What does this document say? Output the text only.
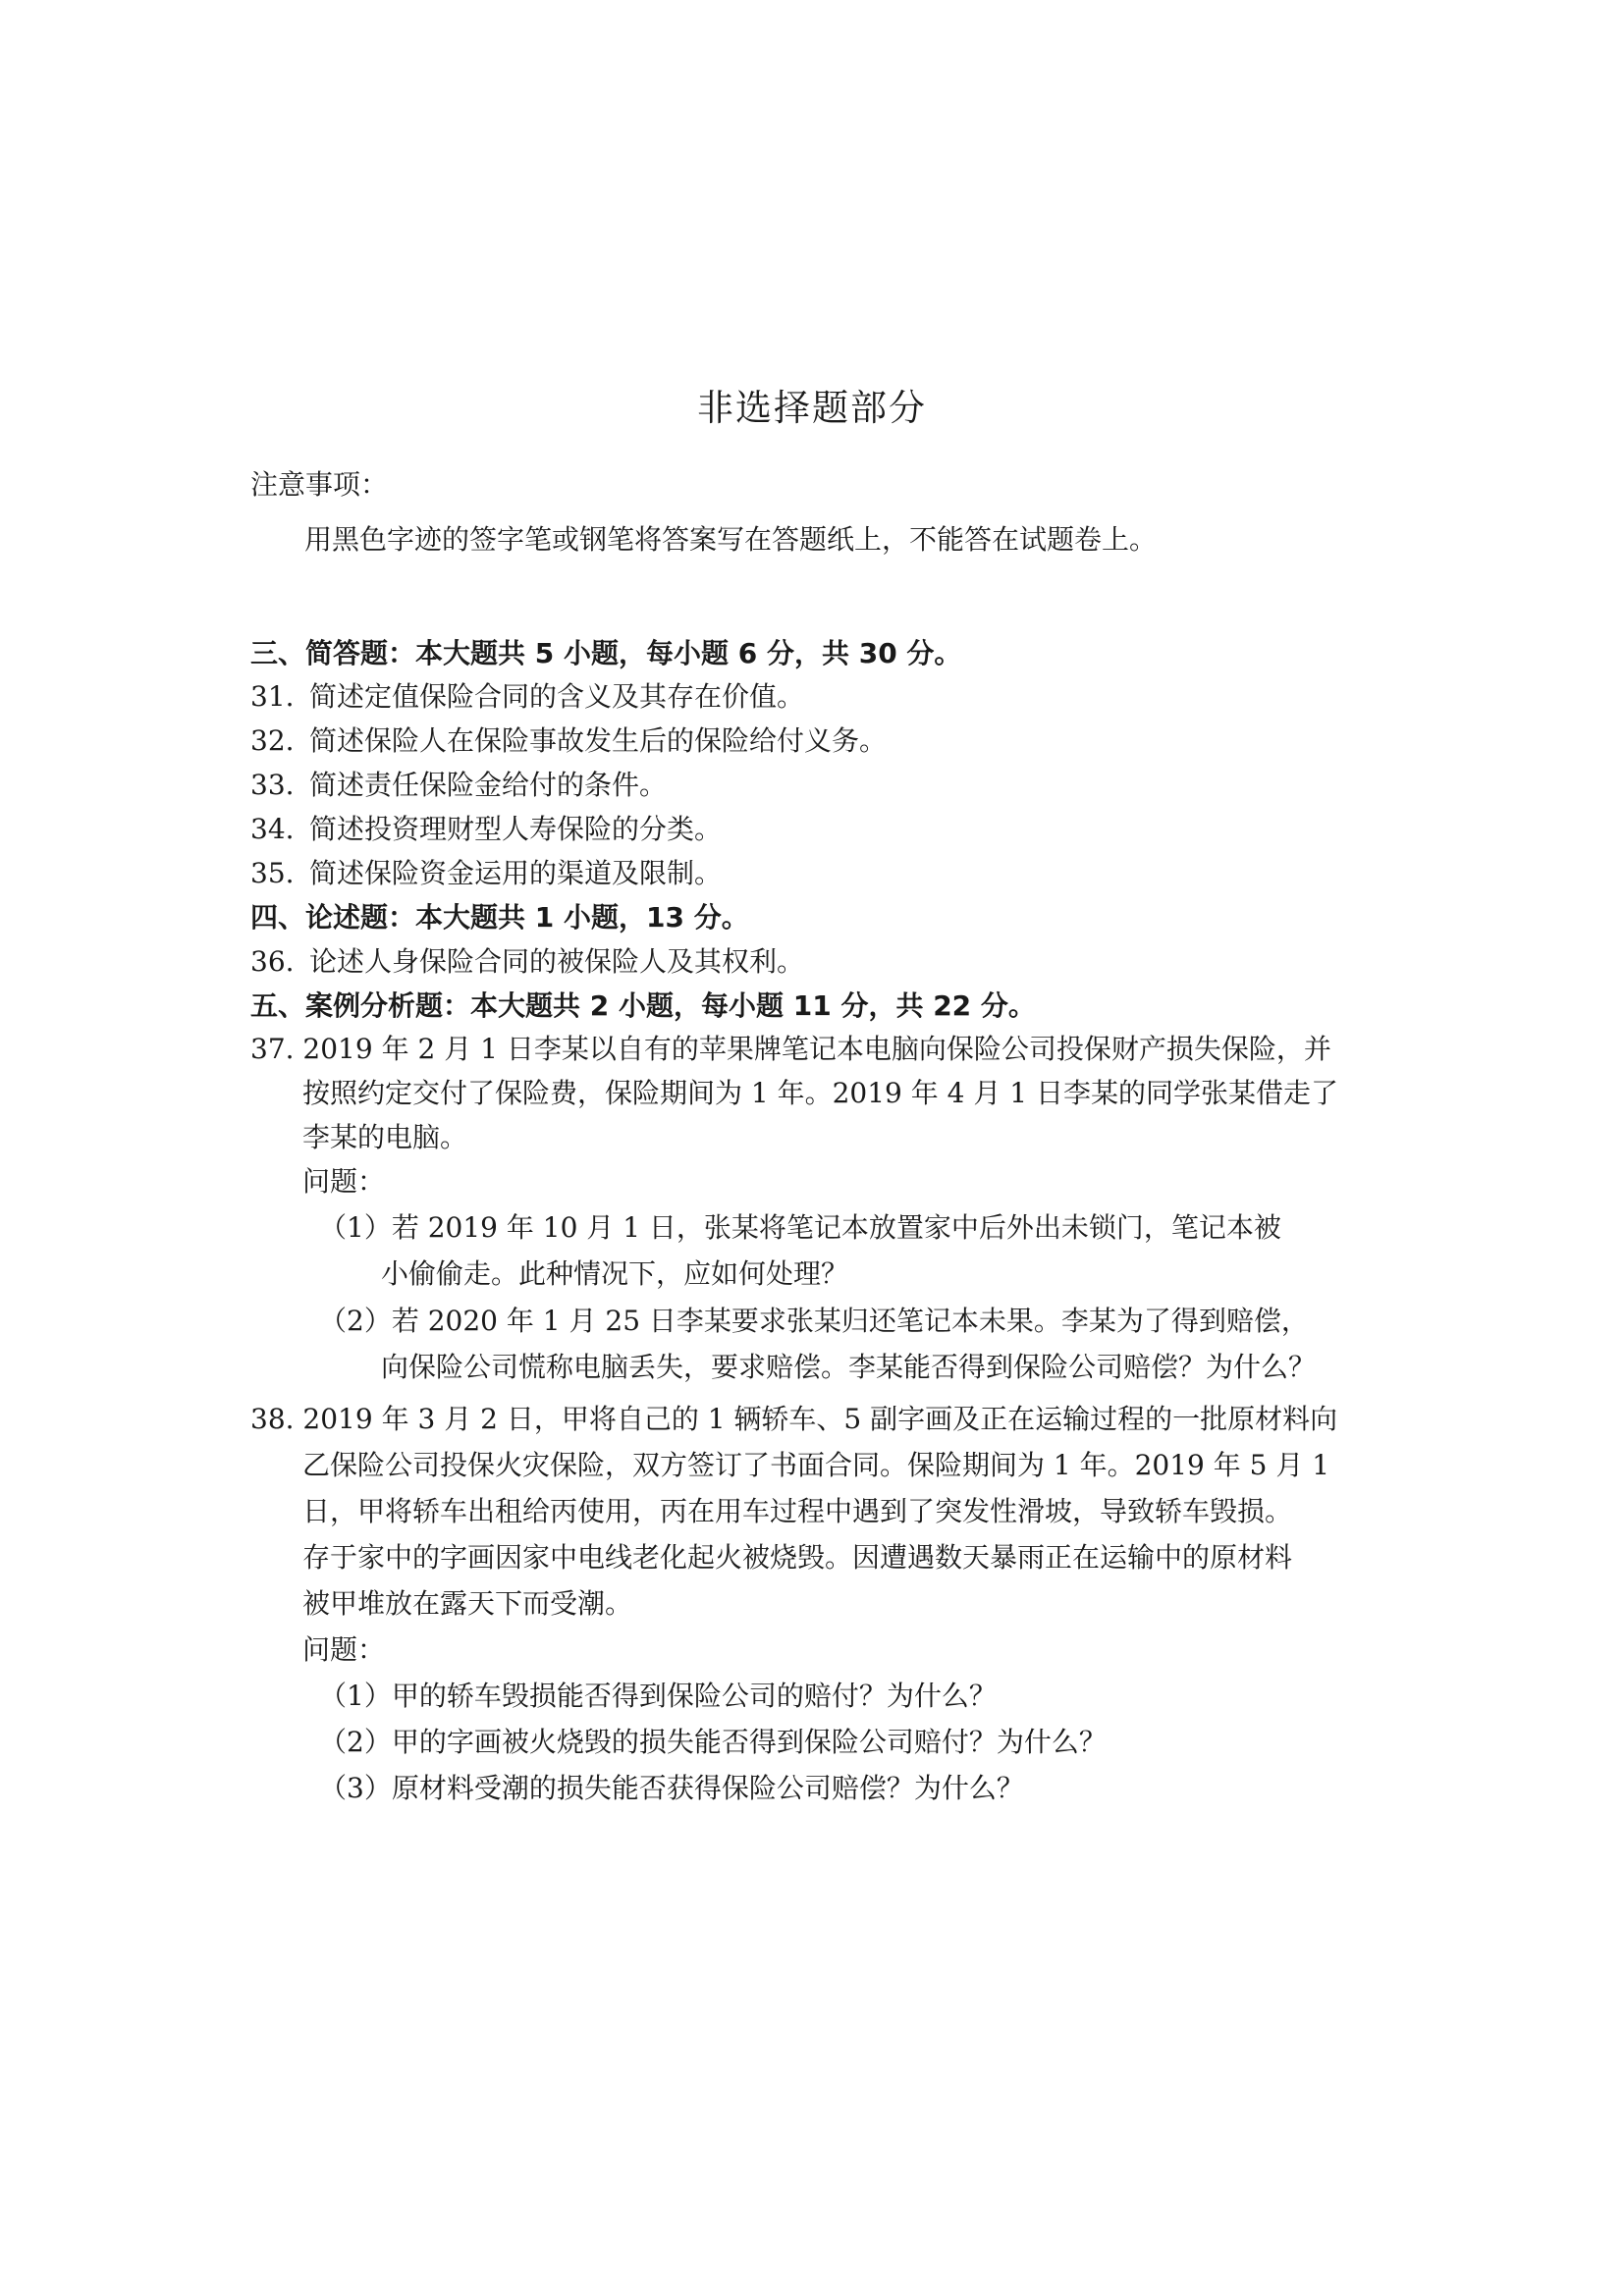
非选择题部分
注意事项：
用黑色字迹的签字笔或钢笔将答案写在答题纸上，不能答在试题卷上。
三、简答题：本大题共 5 小题，每小题 6 分，共 30 分。
31. 简述定值保险合同的含义及其存在价值。
32. 简述保险人在保险事故发生后的保险给付义务。
33. 简述责任保险金给付的条件。
34. 简述投资理财型人寿保险的分类。
35. 简述保险资金运用的渠道及限制。
四、论述题：本大题共 1 小题，13 分。
36. 论述人身保险合同的被保险人及其权利。
五、案例分析题：本大题共 2 小题，每小题 11 分，共 22 分。
37. 2019 年 2 月 1 日李某以自有的苹果牌笔记本电脑向保险公司投保财产损失保险，并
按照约定交付了保险费，保险期间为 1 年。2019 年 4 月 1 日李某的同学张某借走了
李某的电脑。
问题：
（1）若 2019 年 10 月 1 日，张某将笔记本放置家中后外出未锁门，笔记本被
小偷偷走。此种情况下，应如何处理？
（2）若 2020 年 1 月 25 日李某要求张某归还笔记本未果。李某为了得到赔偿，
向保险公司慌称电脑丢失，要求赔偿。李某能否得到保险公司赔偿？为什么？
38. 2019 年 3 月 2 日，甲将自己的 1 辆轿车、5 副字画及正在运输过程的一批原材料向
乙保险公司投保火灾保险，双方签订了书面合同。保险期间为 1 年。2019 年 5 月 1
日，甲将轿车出租给丙使用，丙在用车过程中遇到了突发性滑坡，导致轿车毁损。
存于家中的字画因家中电线老化起火被烧毁。因遭遇数天暴雨正在运输中的原材料
被甲堆放在露天下而受潮。
问题：
（1）甲的轿车毁损能否得到保险公司的赔付？为什么？
（2）甲的字画被火烧毁的损失能否得到保险公司赔付？为什么？
（3）原材料受潮的损失能否获得保险公司赔偿？为什么？
